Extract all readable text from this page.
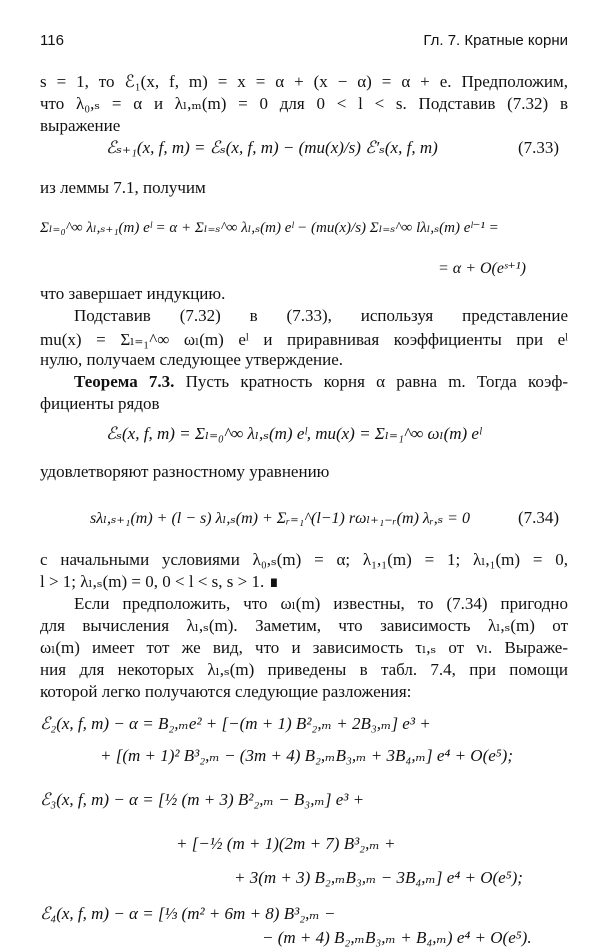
116	Гл. 7. Кратные корни
s = 1, то ℰ₁(x, f, m) = x = α + (x − α) = α + e. Предположим,
что λ₀,ₛ = α и λₗ,ₘ(m) = 0 для 0 < l < s. Подставив (7.32) в
выражение
ℰₛ₊₁(x, f, m) = ℰₛ(x, f, m) − (mu(x)/s) ℰ′ₛ(x, f, m)	(7.33)
из леммы 7.1, получим
Σₗ₌₀^∞ λₗ,ₛ₊₁(m) eˡ = α + Σₗ₌ₛ^∞ λₗ,ₛ(m) eˡ − (mu(x)/s) Σₗ₌ₛ^∞ lλₗ,ₛ(m) eˡ⁻¹ =
= α + O(eˢ⁺¹)
что завершает индукцию.
Подставив (7.32) в (7.33), используя представление
mu(x) = Σₗ₌₁^∞ ωₗ(m) eˡ и приравнивая коэффициенты при eˡ
нулю, получаем следующее утверждение.
Теорема 7.3. Пусть кратность корня α равна m. Тогда коэф-
фициенты рядов
ℰₛ(x, f, m) = Σₗ₌₀^∞ λₗ,ₛ(m) eˡ, mu(x) = Σₗ₌₁^∞ ωₗ(m) eˡ
удовлетворяют разностному уравнению
sλₗ,ₛ₊₁(m) + (l − s) λₗ,ₛ(m) + Σᵣ₌₁^(l−1) rωₗ₊₁₋ᵣ(m) λᵣ,ₛ = 0	(7.34)
с начальными условиями λ₀,ₛ(m) = α; λ₁,₁(m) = 1; λₗ,₁(m) = 0,
l > 1; λₗ,ₛ(m) = 0, 0 < l < s, s > 1. ∎
Если предположить, что ωₗ(m) известны, то (7.34) пригодно
для вычисления λₗ,ₛ(m). Заметим, что зависимость λₗ,ₛ(m) от
ωₗ(m) имеет тот же вид, что и зависимость τₗ,ₛ от νₗ. Выраже-
ния для некоторых λₗ,ₛ(m) приведены в табл. 7.4, при помощи
которой легко получаются следующие разложения:
ℰ₂(x, f, m) − α = B₂,ₘe² + [−(m + 1) B²₂,ₘ + 2B₃,ₘ] e³ +
+ [(m + 1)² B³₂,ₘ − (3m + 4) B₂,ₘB₃,ₘ + 3B₄,ₘ] e⁴ + O(e⁵);
ℰ₃(x, f, m) − α = [½ (m + 3) B²₂,ₘ − B₃,ₘ] e³ +
+ [−½ (m + 1)(2m + 7) B³₂,ₘ +
+ 3(m + 3) B₂,ₘB₃,ₘ − 3B₄,ₘ] e⁴ + O(e⁵);
ℰ₄(x, f, m) − α = [⅓ (m² + 6m + 8) B³₂,ₘ −
− (m + 4) B₂,ₘB₃,ₘ + B₄,ₘ) e⁴ + O(e⁵).
